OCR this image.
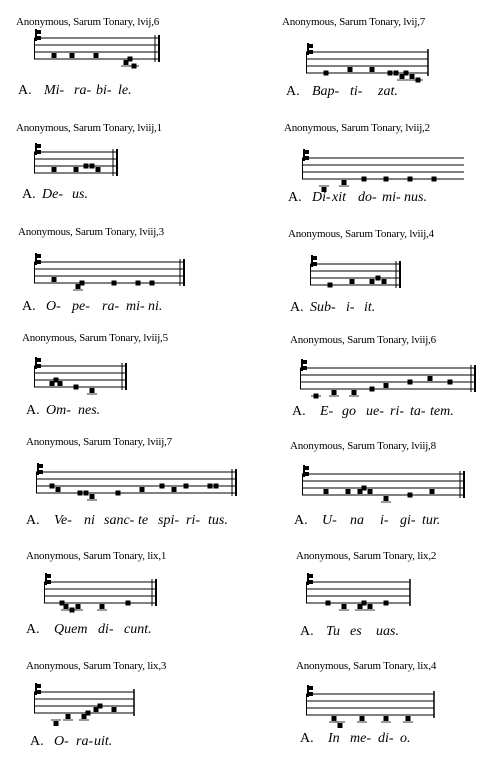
Anonymous, Sarum Tonary, lvij,6
A. Mi- ra- bi- le.
Anonymous, Sarum Tonary, lviij,1
A. De- us.
Anonymous, Sarum Tonary, lviij,3
A. O- pe- ra- mi- ni.
Anonymous, Sarum Tonary, lviij,5
A. Om- nes.
Anonymous, Sarum Tonary, lviij,7
A. Ve- ni sanc- te spi- ri- tus.
Anonymous, Sarum Tonary, lix,1
A. Quem di- cunt.
Anonymous, Sarum Tonary, lix,3
A. O- ra- uit.
Anonymous, Sarum Tonary, lvij,7
A. Bap- ti- zat.
Anonymous, Sarum Tonary, lviij,2
A. Di- xit do- mi- nus.
Anonymous, Sarum Tonary, lviij,4
A. Sub- i- it.
Anonymous, Sarum Tonary, lviij,6
A. E- go ue- ri- ta- tem.
Anonymous, Sarum Tonary, lviij,8
A. U- na i- gi- tur.
Anonymous, Sarum Tonary, lix,2
A. Tu es uas.
Anonymous, Sarum Tonary, lix,4
A. In me- di- o.
